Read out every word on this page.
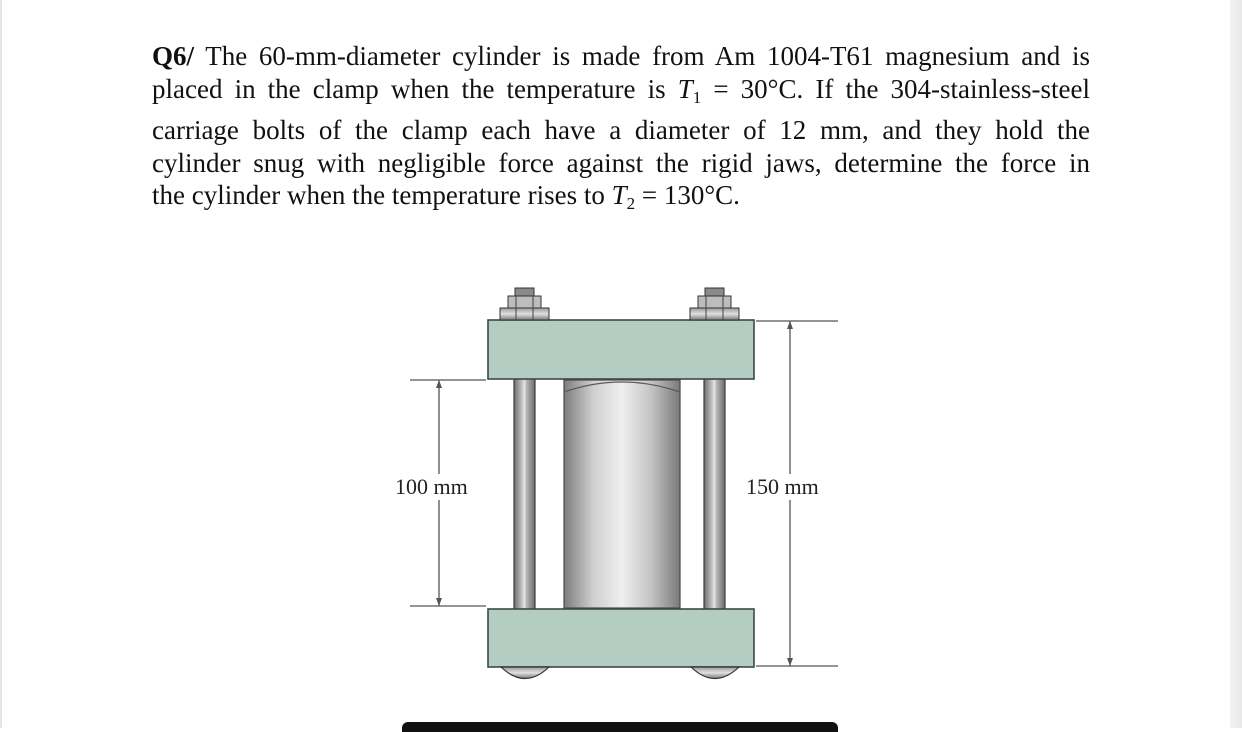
Q6/ The 60-mm-diameter cylinder is made from Am 1004-T61 magnesium and is
placed in the clamp when the temperature is $T_1 = 30^\circ C$. If the 304-stainless-steel
carriage bolts of the clamp each have a diameter of 12 mm, and they hold the
cylinder snug with negligible force against the rigid jaws, determine the force in
the cylinder when the temperature rises to $T_2 = 130^\circ C$.

100 mm	150 mm
